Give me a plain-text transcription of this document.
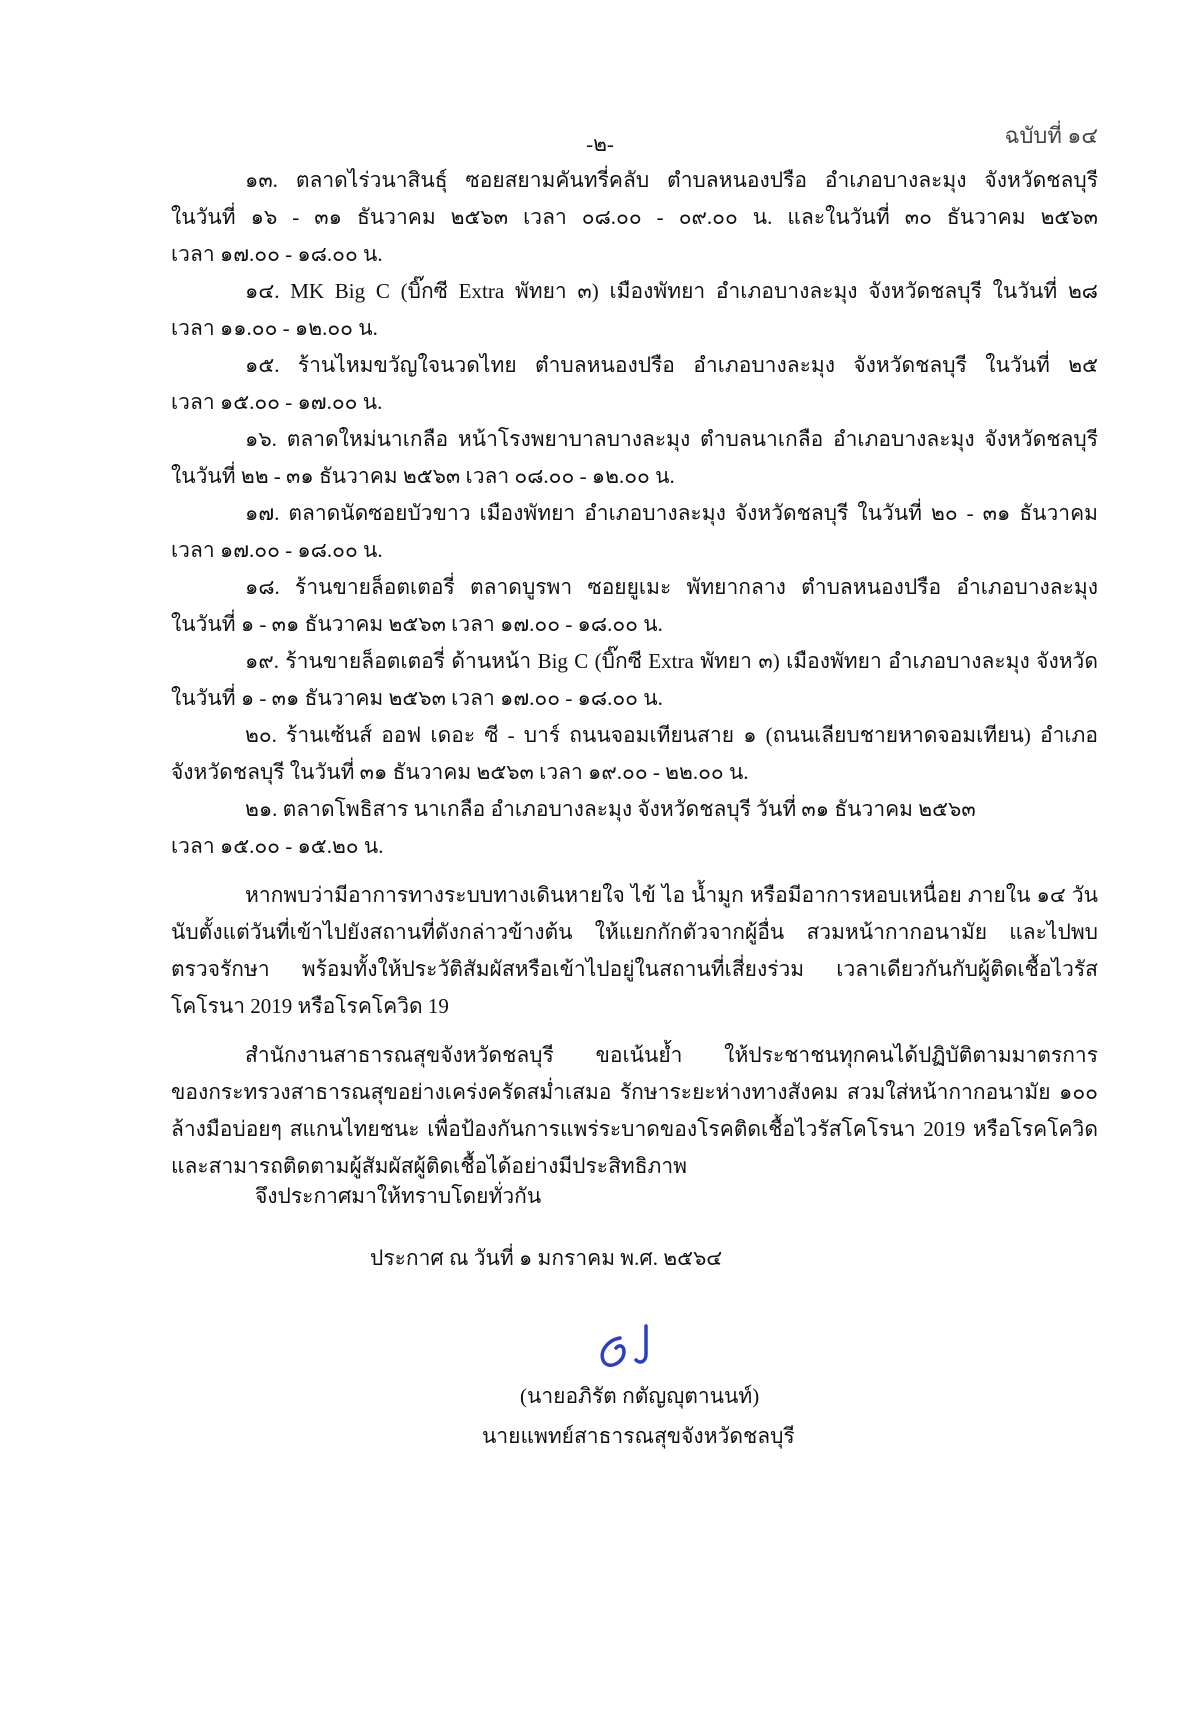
ฉบับที่ ๑๔
-๒-
๑๓. ตลาดไร่วนาสินธุ์ ซอยสยามคันทรี่คลับ ตำบลหนองปรือ อำเภอบางละมุง จังหวัดชลบุรี
ในวันที่ ๑๖ - ๓๑ ธันวาคม ๒๕๖๓ เวลา ๐๘.๐๐ - ๐๙.๐๐ น. และในวันที่ ๓๐ ธันวาคม ๒๕๖๓
เวลา ๑๗.๐๐ - ๑๘.๐๐ น.
๑๔. MK Big C (บิ๊กซี Extra พัทยา ๓) เมืองพัทยา อำเภอบางละมุง จังหวัดชลบุรี ในวันที่ ๒๘
เวลา ๑๑.๐๐ - ๑๒.๐๐ น.
๑๕. ร้านไหมขวัญใจนวดไทย ตำบลหนองปรือ อำเภอบางละมุง จังหวัดชลบุรี ในวันที่ ๒๕
เวลา ๑๕.๐๐ - ๑๗.๐๐ น.
๑๖. ตลาดใหม่นาเกลือ หน้าโรงพยาบาลบางละมุง ตำบลนาเกลือ อำเภอบางละมุง จังหวัดชลบุรี
ในวันที่ ๒๒ - ๓๑ ธันวาคม ๒๕๖๓ เวลา ๐๘.๐๐ - ๑๒.๐๐ น.
๑๗. ตลาดนัดซอยบัวขาว เมืองพัทยา อำเภอบางละมุง จังหวัดชลบุรี ในวันที่ ๒๐ - ๓๑ ธันวาคม
เวลา ๑๗.๐๐ - ๑๘.๐๐ น.
๑๘. ร้านขายล็อตเตอรี่ ตลาดบูรพา ซอยยูเมะ พัทยากลาง ตำบลหนองปรือ อำเภอบางละมุง
ในวันที่ ๑ - ๓๑ ธันวาคม ๒๕๖๓ เวลา ๑๗.๐๐ - ๑๘.๐๐ น.
๑๙. ร้านขายล็อตเตอรี่ ด้านหน้า Big C (บิ๊กซี Extra พัทยา ๓) เมืองพัทยา อำเภอบางละมุง จังหวัด
ในวันที่ ๑ - ๓๑ ธันวาคม ๒๕๖๓ เวลา ๑๗.๐๐ - ๑๘.๐๐ น.
๒๐. ร้านเซ้นส์ ออฟ เดอะ ซี - บาร์ ถนนจอมเทียนสาย ๑ (ถนนเลียบชายหาดจอมเทียน) อำเภอ
จังหวัดชลบุรี ในวันที่ ๓๑ ธันวาคม ๒๕๖๓ เวลา ๑๙.๐๐ - ๒๒.๐๐ น.
๒๑. ตลาดโพธิสาร นาเกลือ อำเภอบางละมุง จังหวัดชลบุรี วันที่ ๓๑ ธันวาคม ๒๕๖๓
เวลา ๑๕.๐๐ - ๑๕.๒๐ น.
หากพบว่ามีอาการทางระบบทางเดินหายใจ ไข้ ไอ น้ำมูก หรือมีอาการหอบเหนื่อย ภายใน ๑๔ วัน
นับตั้งแต่วันที่เข้าไปยังสถานที่ดังกล่าวข้างต้น ให้แยกกักตัวจากผู้อื่น สวมหน้ากากอนามัย และไปพบ
ตรวจรักษา พร้อมทั้งให้ประวัติสัมผัสหรือเข้าไปอยู่ในสถานที่เสี่ยงร่วม เวลาเดียวกันกับผู้ติดเชื้อไวรัส
โคโรนา 2019 หรือโรคโควิด 19
สำนักงานสาธารณสุขจังหวัดชลบุรี ขอเน้นย้ำ ให้ประชาชนทุกคนได้ปฏิบัติตามมาตรการ
ของกระทรวงสาธารณสุขอย่างเคร่งครัดสม่ำเสมอ รักษาระยะห่างทางสังคม สวมใส่หน้ากากอนามัย ๑๐๐
ล้างมือบ่อยๆ สแกนไทยชนะ เพื่อป้องกันการแพร่ระบาดของโรคติดเชื้อไวรัสโคโรนา 2019 หรือโรคโควิด
และสามารถติดตามผู้สัมผัสผู้ติดเชื้อได้อย่างมีประสิทธิภาพ
จึงประกาศมาให้ทราบโดยทั่วกัน
ประกาศ ณ วันที่ ๑ มกราคม พ.ศ. ๒๕๖๔
(นายอภิรัต กตัญญุตานนท์)
นายแพทย์สาธารณสุขจังหวัดชลบุรี
